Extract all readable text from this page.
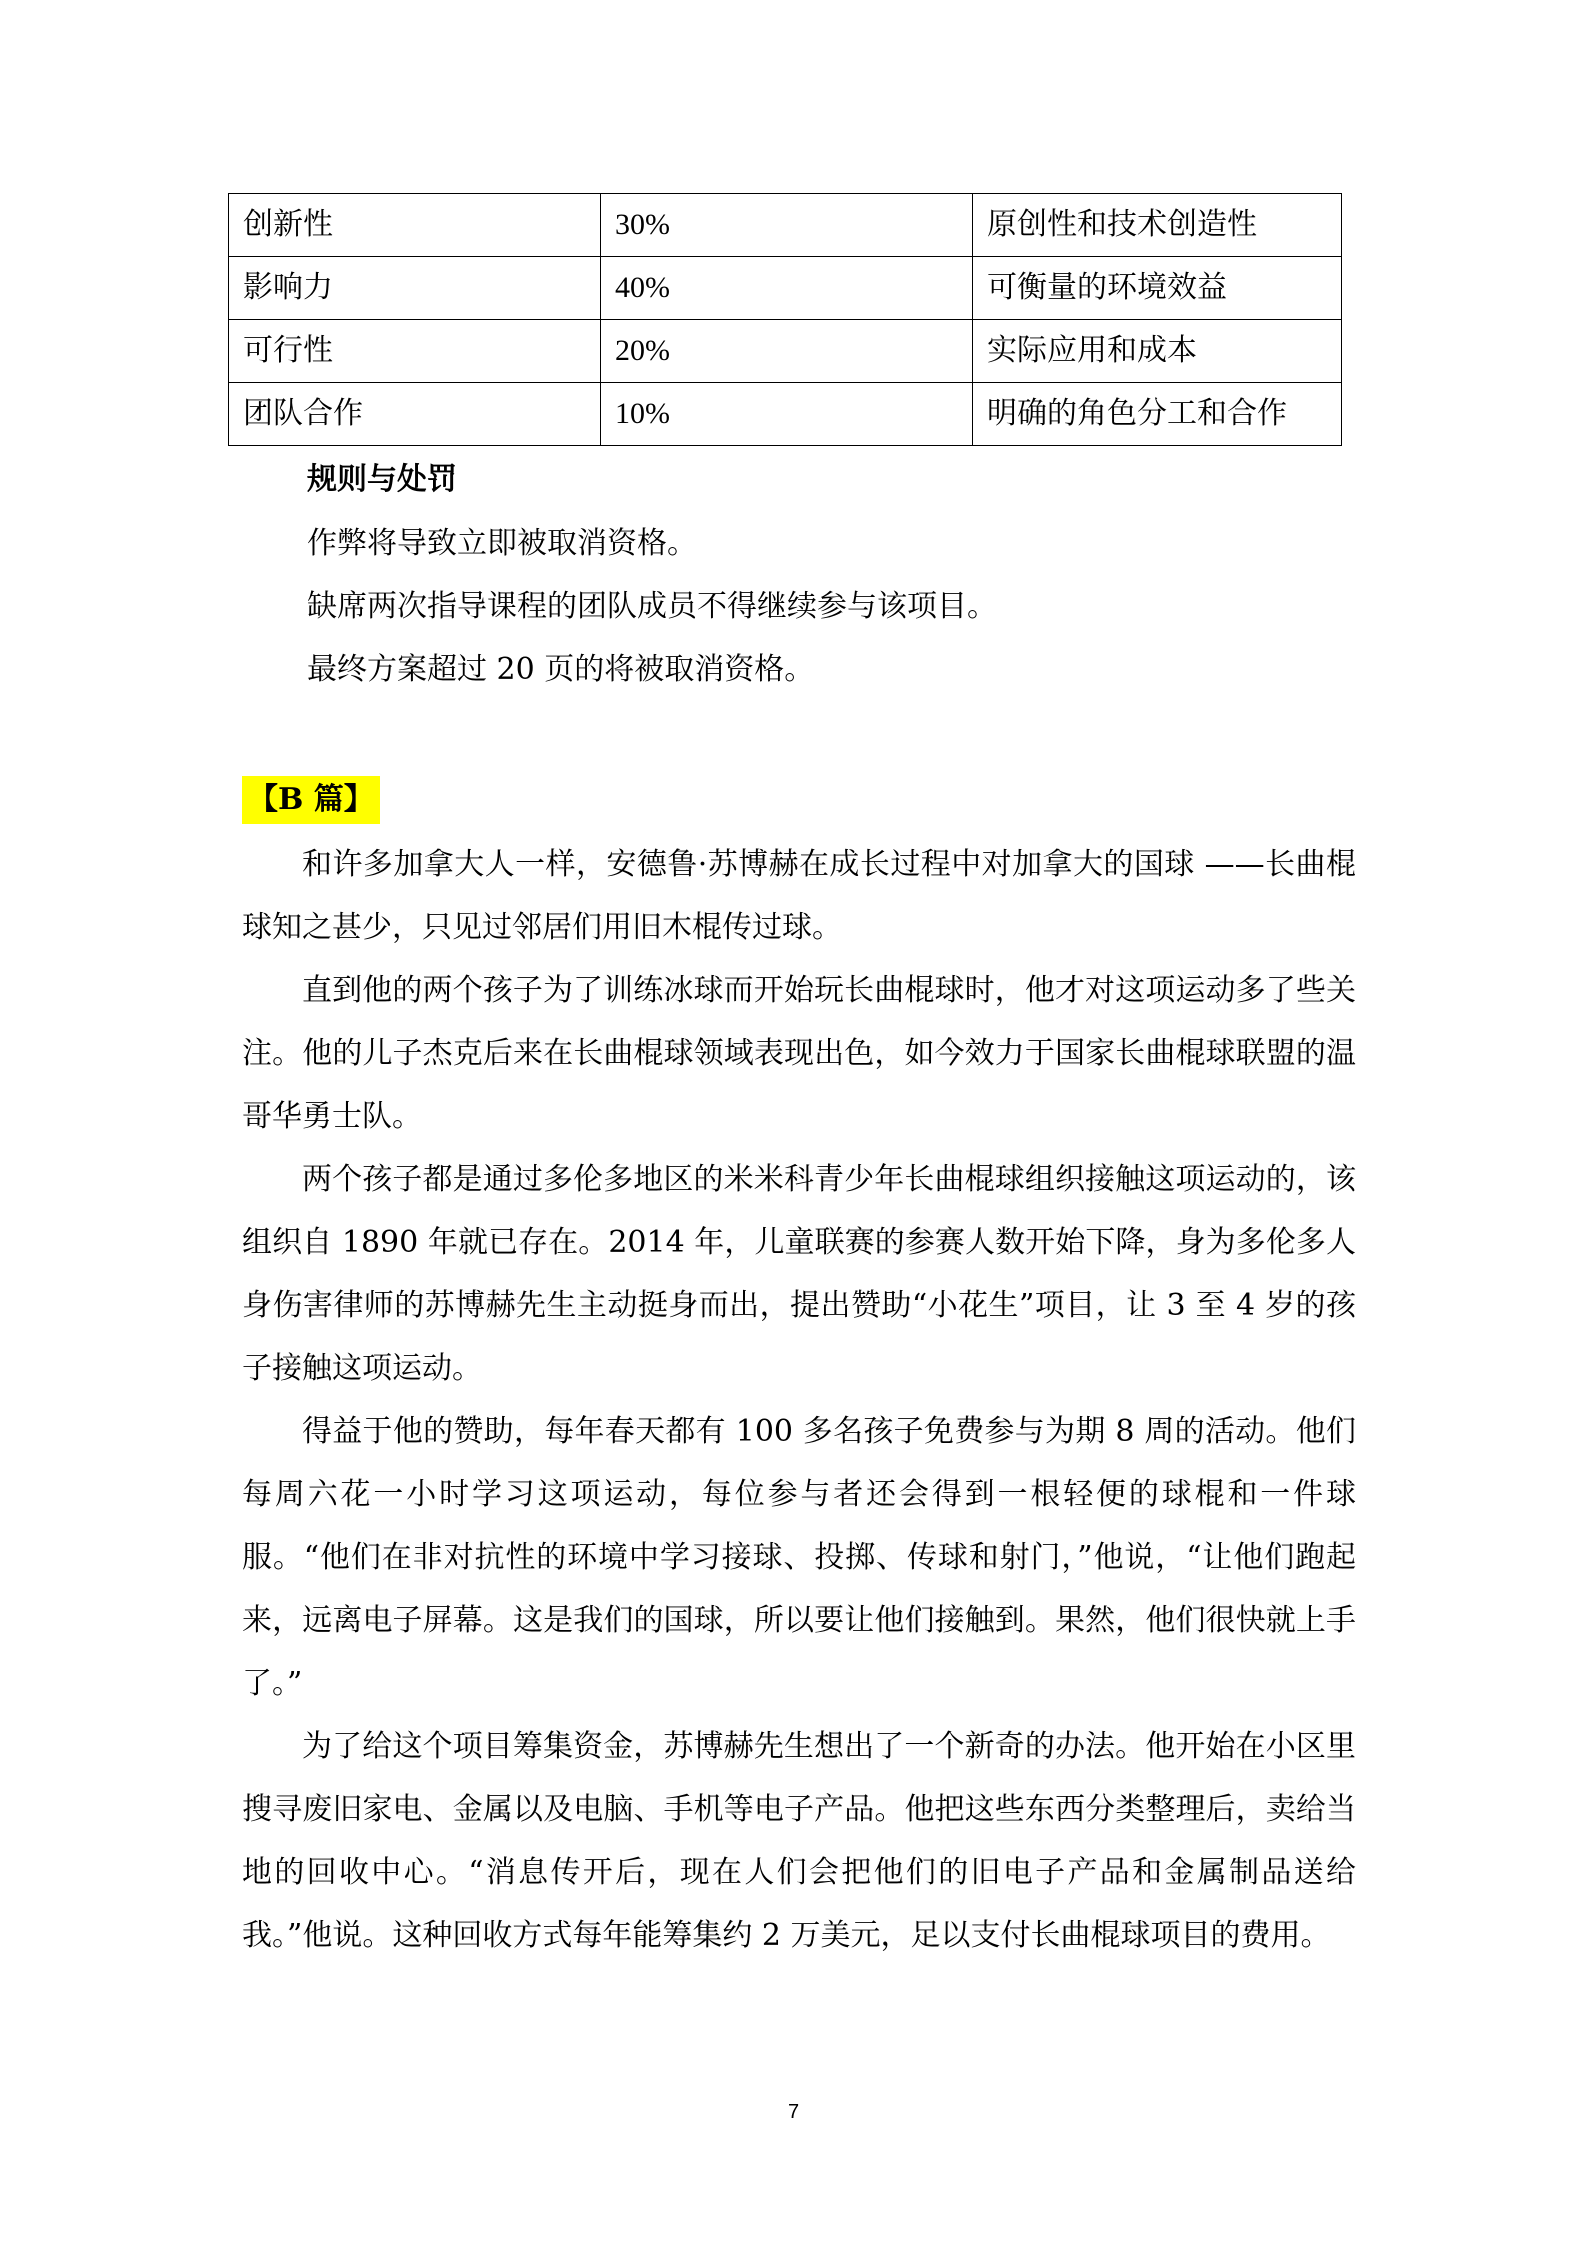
创新性	30%	原创性和技术创造性
影响力	40%	可衡量的环境效益
可行性	20%	实际应用和成本
团队合作	10%	明确的角色分工和合作
规则与处罚
作弊将导致立即被取消资格。
缺席两次指导课程的团队成员不得继续参与该项目。
最终方案超过 20 页的将被取消资格。
【B 篇】

和许多加拿大人一样，安德鲁·苏博赫在成长过程中对加拿大的国球 ——长曲棍球知之甚少，只见过邻居们用旧木棍传过球。

直到他的两个孩子为了训练冰球而开始玩长曲棍球时，他才对这项运动多了些关注。他的儿子杰克后来在长曲棍球领域表现出色，如今效力于国家长曲棍球联盟的温哥华勇士队。

两个孩子都是通过多伦多地区的米米科青少年长曲棍球组织接触这项运动的，该组织自 1890 年就已存在。2014 年，儿童联赛的参赛人数开始下降，身为多伦多人身伤害律师的苏博赫先生主动挺身而出，提出赞助“小花生”项目，让 3 至 4 岁的孩子接触这项运动。

得益于他的赞助，每年春天都有 100 多名孩子免费参与为期 8 周的活动。他们每周六花一小时学习这项运动，每位参与者还会得到一根轻便的球棍和一件球服。“他们在非对抗性的环境中学习接球、投掷、传球和射门，”他说，“让他们跑起来，远离电子屏幕。这是我们的国球，所以要让他们接触到。果然，他们很快就上手了。”

为了给这个项目筹集资金，苏博赫先生想出了一个新奇的办法。他开始在小区里搜寻废旧家电、金属以及电脑、手机等电子产品。他把这些东西分类整理后，卖给当地的回收中心。“消息传开后，现在人们会把他们的旧电子产品和金属制品送给我。”他说。这种回收方式每年能筹集约 2 万美元，足以支付长曲棍球项目的费用。

7
